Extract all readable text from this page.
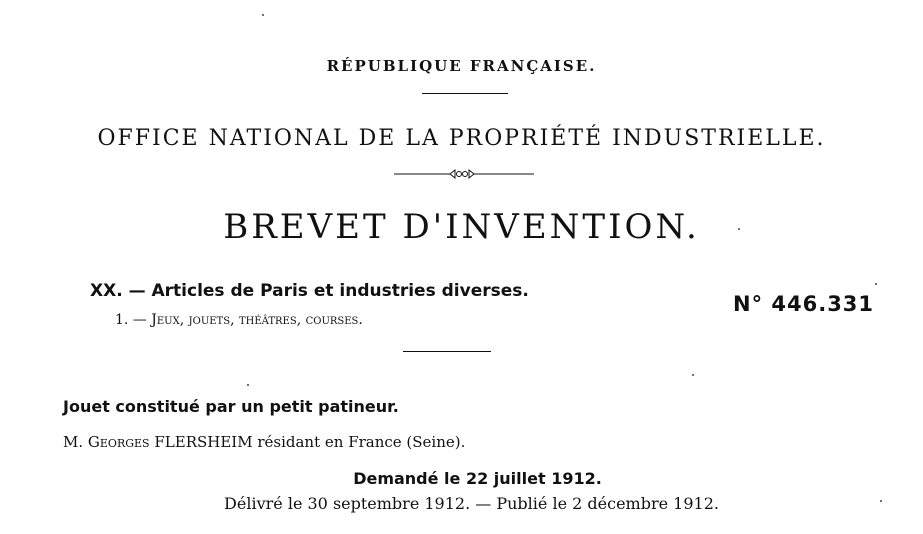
RÉPUBLIQUE FRANÇAISE.
OFFICE NATIONAL DE LA PROPRIÉTÉ INDUSTRIELLE.
BREVET D'INVENTION.
XX. — Articles de Paris et industries diverses.
1. — Jeux, jouets, théâtres, courses.
N° 446.331
Jouet constitué par un petit patineur.
M. Georges FLERSHEIM résidant en France (Seine).
Demandé le 22 juillet 1912.
Délivré le 30 septembre 1912. — Publié le 2 décembre 1912.
